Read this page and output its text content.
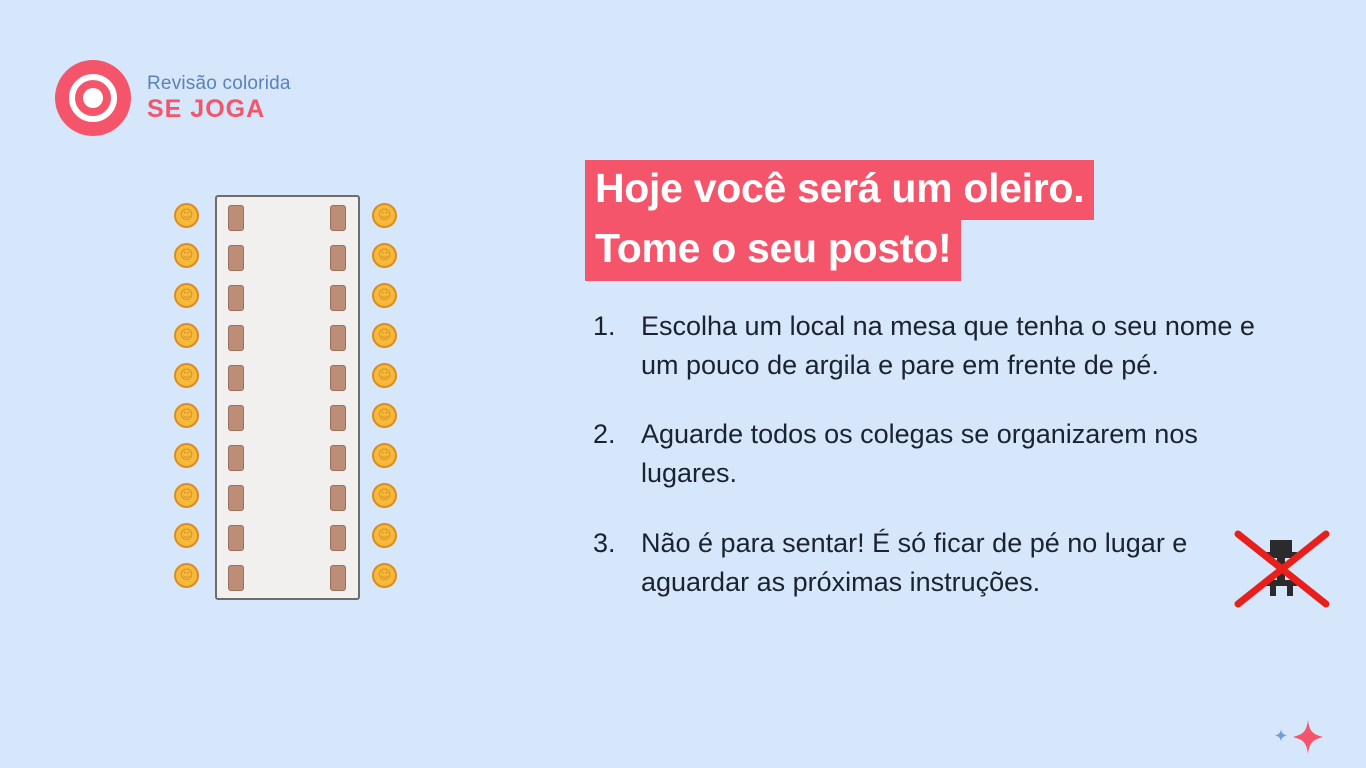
Revisão colorida
SE JOGA
☺
☺
☺
☺
☺
☺
☺
☺
☺
☺
☺
☺
☺
☺
☺
☺
☺
☺
☺
☺
Hoje você será um oleiro.
Tome o seu posto!
1. Escolha um local na mesa que tenha o seu nome e um pouco de argila e pare em frente de pé.
2. Aguarde todos os colegas se organizarem nos lugares.
3. Não é para sentar! É só ficar de pé no lugar e aguardar as próximas instruções.
